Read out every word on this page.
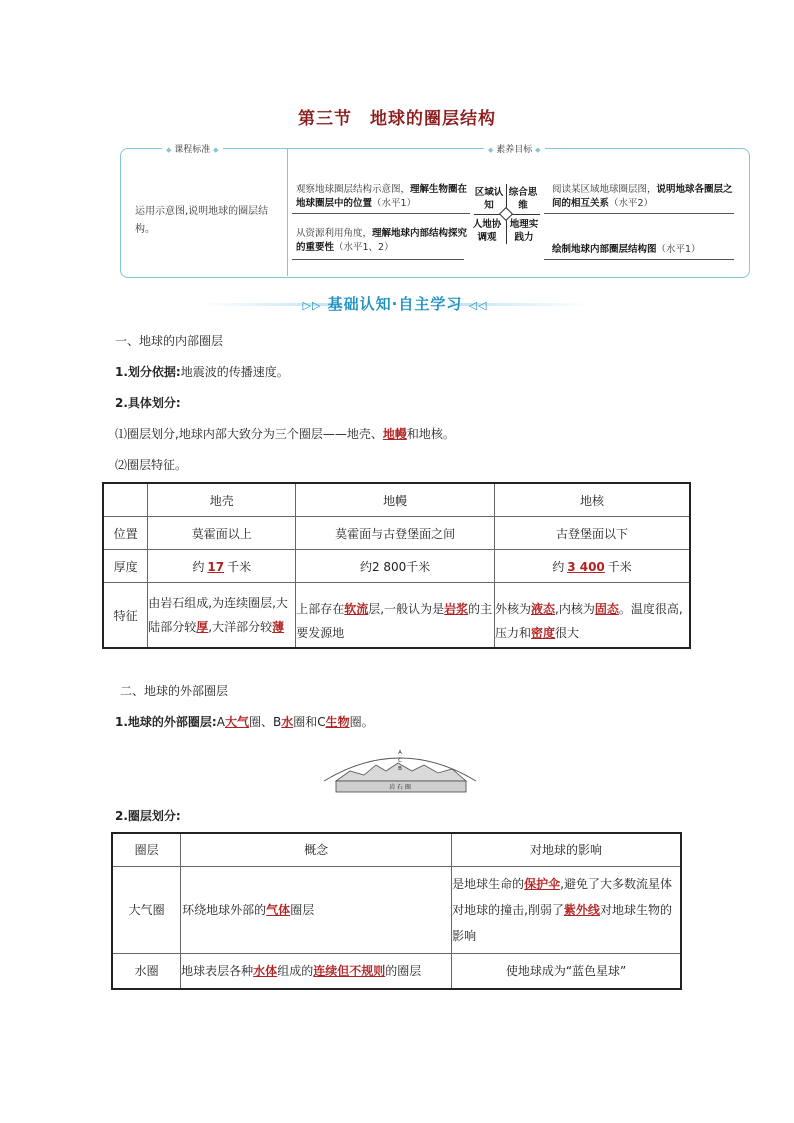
第三节 地球的圈层结构
◆ 课程标准 ◆	◆ 素养目标 ◆
运用示意图,说明地球的圈层结构。
观察地球圈层结构示意图，理解生物圈在地球圈层中的位置（水平1）
从资源利用角度，理解地球内部结构探究的重要性（水平1、2）
区域认知
综合思维
人地协调观
地理实践力
阅读某区域地球圈层图，说明地球各圈层之间的相互关系（水平2）
绘制地球内部圈层结构图（水平1）
▷▷ 基础认知·自主学习 ◁◁
一、地球的内部圈层
1.划分依据:地震波的传播速度。
2.具体划分:
⑴圈层划分,地球内部大致分为三个圈层——地壳、地幔和地核。
⑵圈层特征。
	地壳	地幔	地核
位置	莫霍面以上	莫霍面与古登堡面之间	古登堡面以下
厚度	约 17 千米	约2 800千米	约 3 400 千米
特征	由岩石组成,为连续圈层,大陆部分较厚,大洋部分较薄	上部存在软流层,一般认为是岩浆的主要发源地	外核为液态,内核为固态。温度很高,压力和密度很大
二、地球的外部圈层
1.地球的外部圈层:A大气圈、B水圈和C生物圈。
A
C
B
岩 石 圈
2.圈层划分:
圈层	概念	对地球的影响
大气圈	环绕地球外部的气体圈层	是地球生命的保护伞,避免了大多数流星体对地球的撞击,削弱了紫外线对地球生物的影响
水圈	地球表层各种水体组成的连续但不规则的圈层	使地球成为“蓝色星球”
